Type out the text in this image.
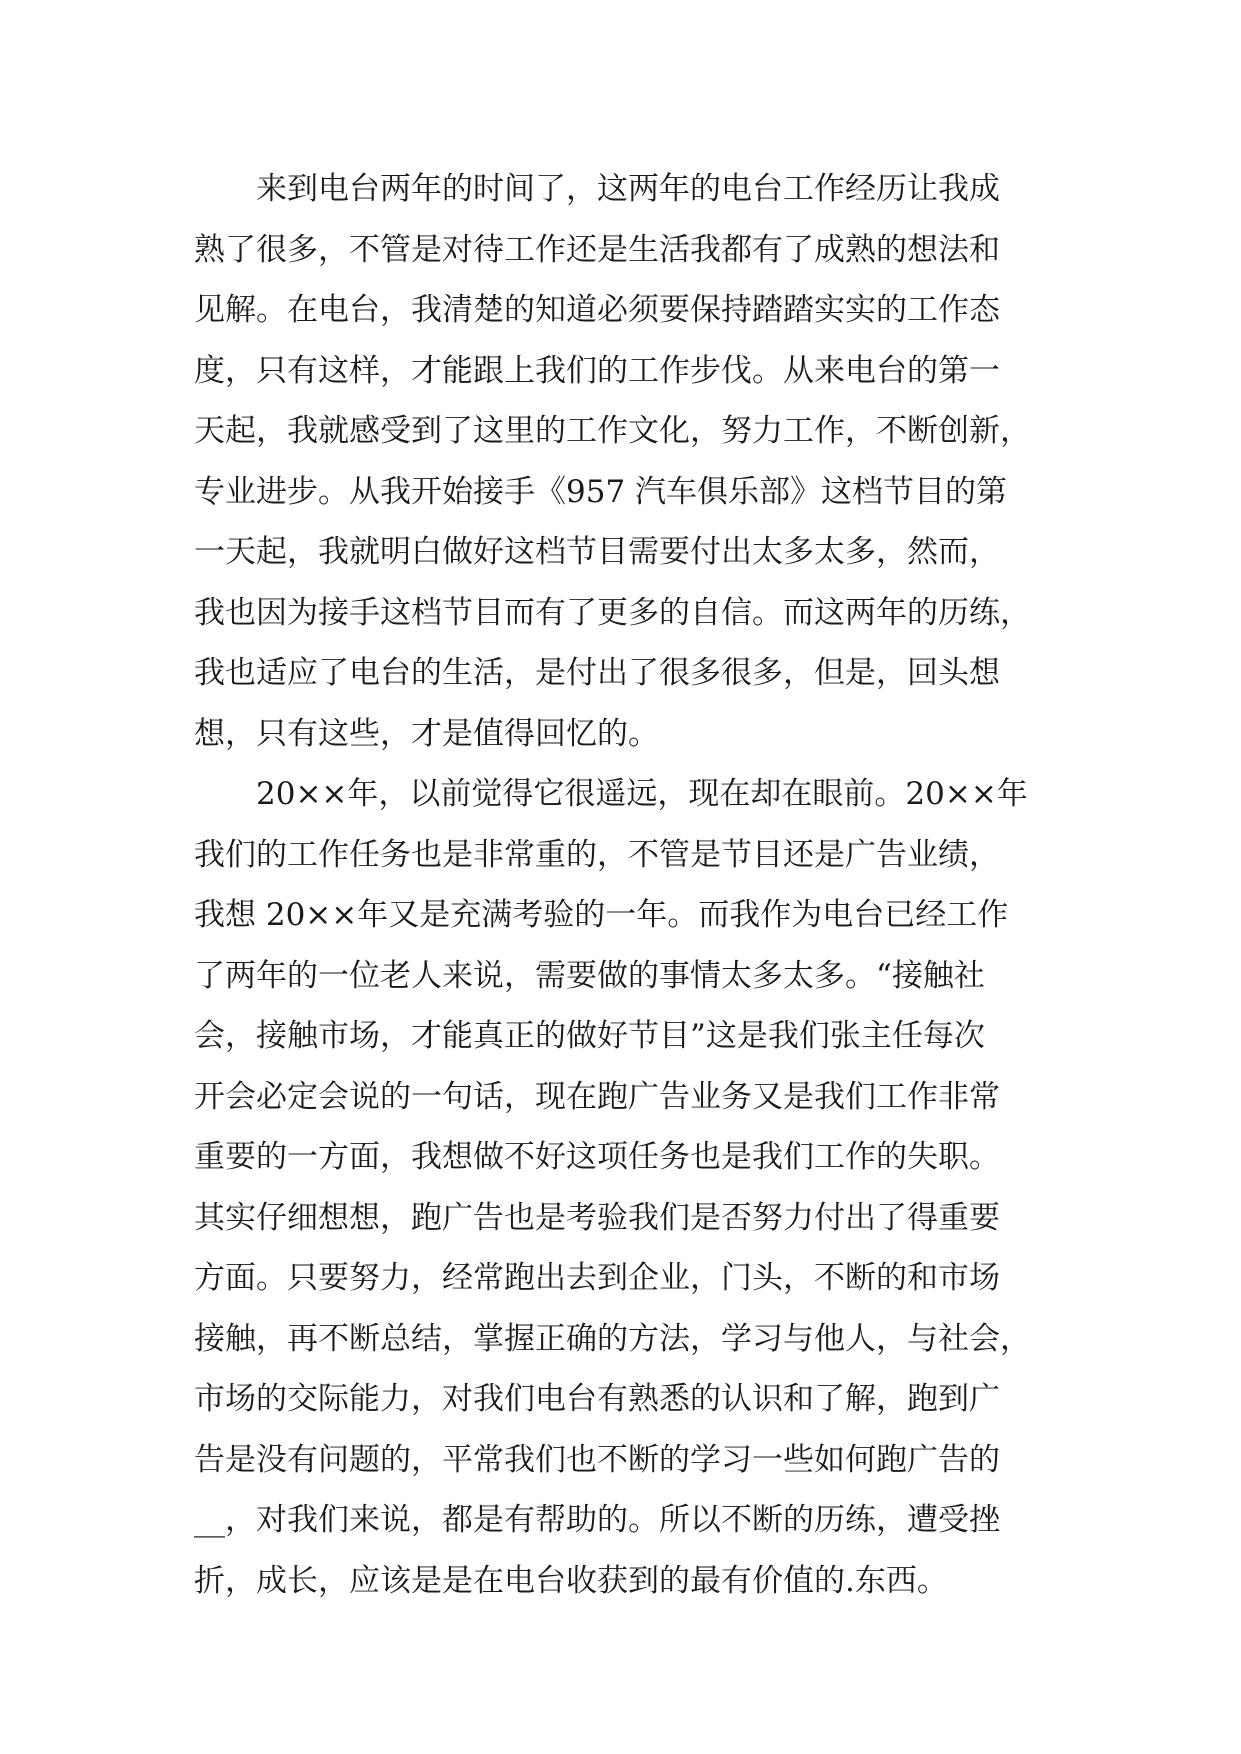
　　来到电台两年的时间了，这两年的电台工作经历让我成
熟了很多，不管是对待工作还是生活我都有了成熟的想法和
见解。在电台，我清楚的知道必须要保持踏踏实实的工作态
度，只有这样，才能跟上我们的工作步伐。从来电台的第一
天起，我就感受到了这里的工作文化，努力工作，不断创新，
专业进步。从我开始接手《957 汽车俱乐部》这档节目的第
一天起，我就明白做好这档节目需要付出太多太多，然而，
我也因为接手这档节目而有了更多的自信。而这两年的历练，
我也适应了电台的生活，是付出了很多很多，但是，回头想
想，只有这些，才是值得回忆的。
　　20××年，以前觉得它很遥远，现在却在眼前。20××年
我们的工作任务也是非常重的，不管是节目还是广告业绩，
我想 20××年又是充满考验的一年。而我作为电台已经工作
了两年的一位老人来说，需要做的事情太多太多。“接触社
会，接触市场，才能真正的做好节目”这是我们张主任每次
开会必定会说的一句话，现在跑广告业务又是我们工作非常
重要的一方面，我想做不好这项任务也是我们工作的失职。
其实仔细想想，跑广告也是考验我们是否努力付出了得重要
方面。只要努力，经常跑出去到企业，门头，不断的和市场
接触，再不断总结，掌握正确的方法，学习与他人，与社会，
市场的交际能力，对我们电台有熟悉的认识和了解，跑到广
告是没有问题的，平常我们也不断的学习一些如何跑广告的
__，对我们来说，都是有帮助的。所以不断的历练，遭受挫
折，成长，应该是是在电台收获到的最有价值的.东西。
